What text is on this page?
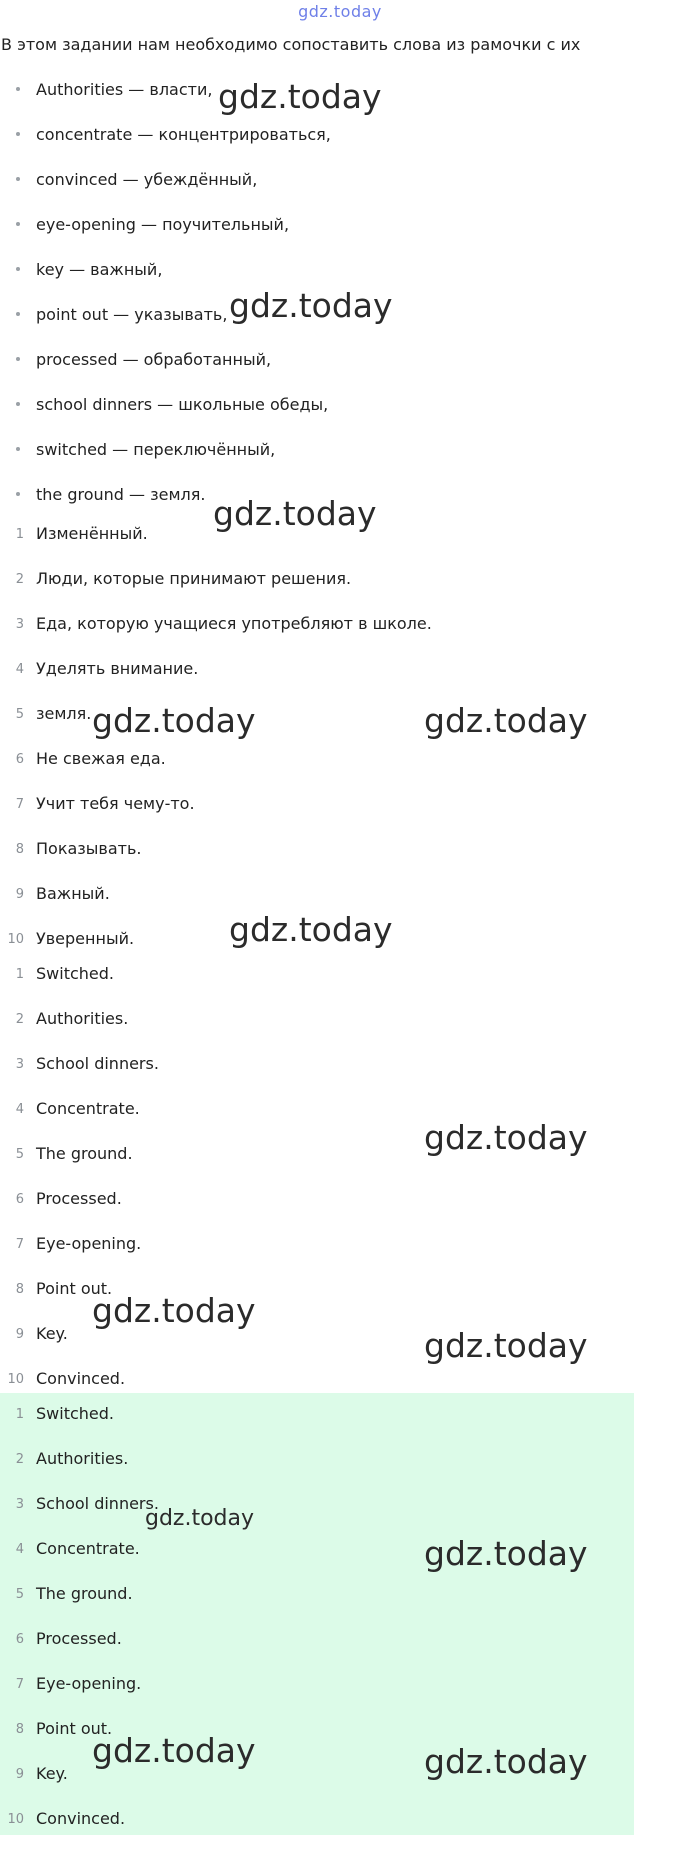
gdz.today
В этом задании нам необходимо сопоставить слова из рамочки с их
Authorities — власти,
concentrate — концентрироваться,
convinced — убеждённый,
eye-opening — поучительный,
key — важный,
point out — указывать,
processed — обработанный,
school dinners — школьные обеды,
switched — переключённый,
the ground — земля.
1 Изменённый.
2 Люди, которые принимают решения.
3 Еда, которую учащиеся употребляют в школе.
4 Уделять внимание.
5 земля.
6 Не свежая еда.
7 Учит тебя чему-то.
8 Показывать.
9 Важный.
10 Уверенный.
1 Switched.
2 Authorities.
3 School dinners.
4 Concentrate.
5 The ground.
6 Processed.
7 Eye-opening.
8 Point out.
9 Key.
10 Convinced.
1 Switched.
2 Authorities.
3 School dinners.
4 Concentrate.
5 The ground.
6 Processed.
7 Eye-opening.
8 Point out.
9 Key.
10 Convinced.
gdz.today
gdz.today
gdz.today
gdz.today	gdz.today
gdz.today
gdz.today
gdz.today
gdz.today
gdz.today
gdz.today
gdz.today	gdz.today
